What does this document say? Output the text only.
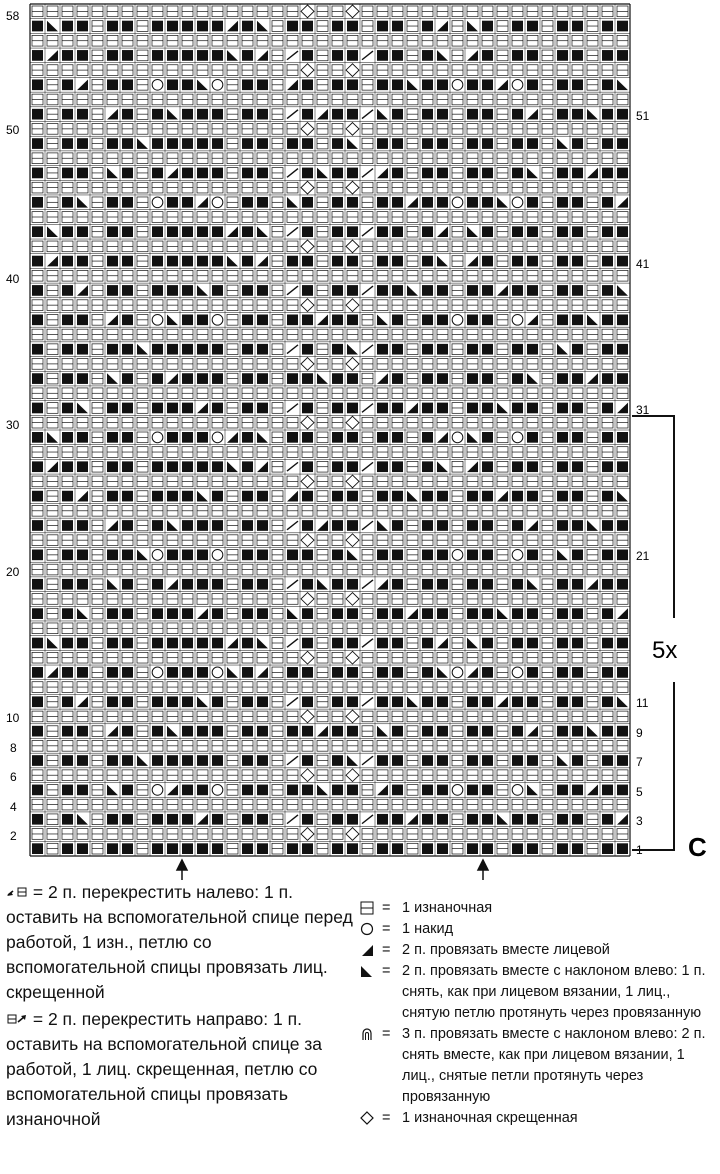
58
50
40
30
20
10
8
6
4
2
51
41
31
21
11
9
7
5
3
1
5x
C

= 2 п. перекрестить налево: 1 п. оставить на вспомогательной спице перед работой, 1 изн., петлю со вспомогательной спицы провязать лиц. скрещенной

= 2 п. перекрестить направо: 1 п. оставить на вспомогательной спице за работой, 1 лиц. скрещенная, петлю со вспомогательной спицы провязать изнаночной

= 1 изнаночная
= 1 накид
= 2 п. провязать вместе лицевой
= 2 п. провязать вместе с наклоном влево: 1 п. снять, как при лицевом вязании, 1 лиц., снятую петлю протянуть через провязанную
= 3 п. провязать вместе с наклоном влево: 2 п. снять вместе, как при лицевом вязании, 1 лиц., снятые петли протянуть через провязанную
= 1 изнаночная скрещенная
